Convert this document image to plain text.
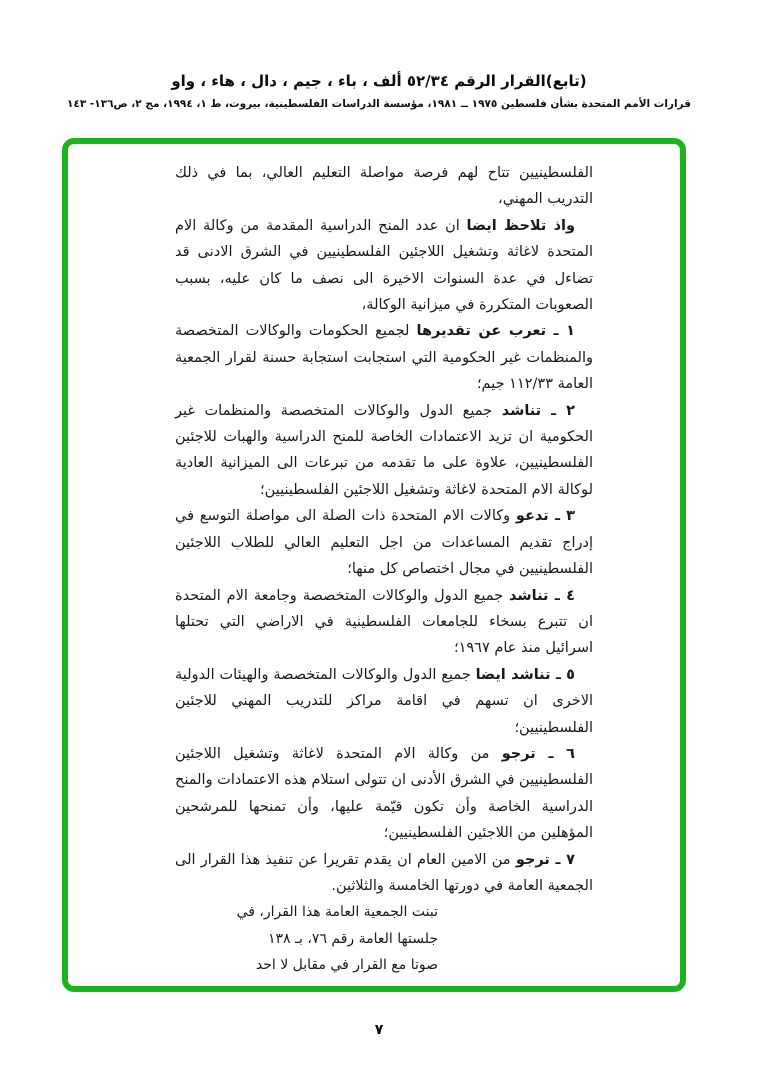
(تابع)القرار الرقم ٥٢/٣٤ ألف ، باء ، جيم ، دال ، هاء ، واو
قرارات الأمم المتحدة بشأن فلسطين ١٩٧٥ ــ ١٩٨١، مؤسسة الدراسات الفلسطينية، بيروت، ط ١، ١٩٩٤، مج ٢، ص١٣٦- ١٤٣

الفلسطينيين تتاح لهم فرصة مواصلة التعليم العالي، بما في ذلك التدريب المهني،

واذ تلاحظ ايضا ان عدد المنح الدراسية المقدمة من وكالة الام المتحدة لاغاثة وتشغيل اللاجئين الفلسطينيين في الشرق الادنى قد تضاءل في عدة السنوات الاخيرة الى نصف ما كان عليه، بسبب الصعوبات المتكررة في ميزانية الوكالة،

١ ـ تعرب عن تقديرها لجميع الحكومات والوكالات المتخصصة والمنظمات غير الحكومية التي استجابت استجابة حسنة لقرار الجمعية العامة ١١٢/٣٣ جيم؛

٢ ـ تناشد جميع الدول والوكالات المتخصصة والمنظمات غير الحكومية ان تزيد الاعتمادات الخاصة للمنح الدراسية والهبات للاجئين الفلسطينيين، علاوة على ما تقدمه من تبرعات الى الميزانية العادية لوكالة الام المتحدة لاغاثة وتشغيل اللاجئين الفلسطينيين؛

٣ ـ تدعو وكالات الام المتحدة ذات الصلة الى مواصلة التوسع في إدراج تقديم المساعدات من اجل التعليم العالي للطلاب اللاجئين الفلسطينيين في مجال اختصاص كل منها؛

٤ ـ تناشد جميع الدول والوكالات المتخصصة وجامعة الام المتحدة ان تتبرع بسخاء للجامعات الفلسطينية في الاراضي التي تحتلها اسرائيل منذ عام ١٩٦٧؛

٥ ـ تناشد ايضا جميع الدول والوكالات المتخصصة والهيئات الدولية الاخرى ان تسهم في اقامة مراكز للتدريب المهني للاجئين الفلسطينيين؛

٦ ـ ترجو من وكالة الام المتحدة لاغاثة وتشغيل اللاجئين الفلسطينيين في الشرق الأدنى ان تتولى استلام هذه الاعتمادات والمنح الدراسية الخاصة وأن تكون قيّمة عليها، وأن تمنحها للمرشحين المؤهلين من اللاجئين الفلسطينيين؛

٧ ـ ترجو من الامين العام ان يقدم تقريرا عن تنفيذ هذا القرار الى الجمعية العامة في دورتها الخامسة والثلاثين.

تبنت الجمعية العامة هذا القرار، في
جلستها العامة رقم ٧٦، بـ ١٣٨
صوتا مع القرار في مقابل لا احد
٧
